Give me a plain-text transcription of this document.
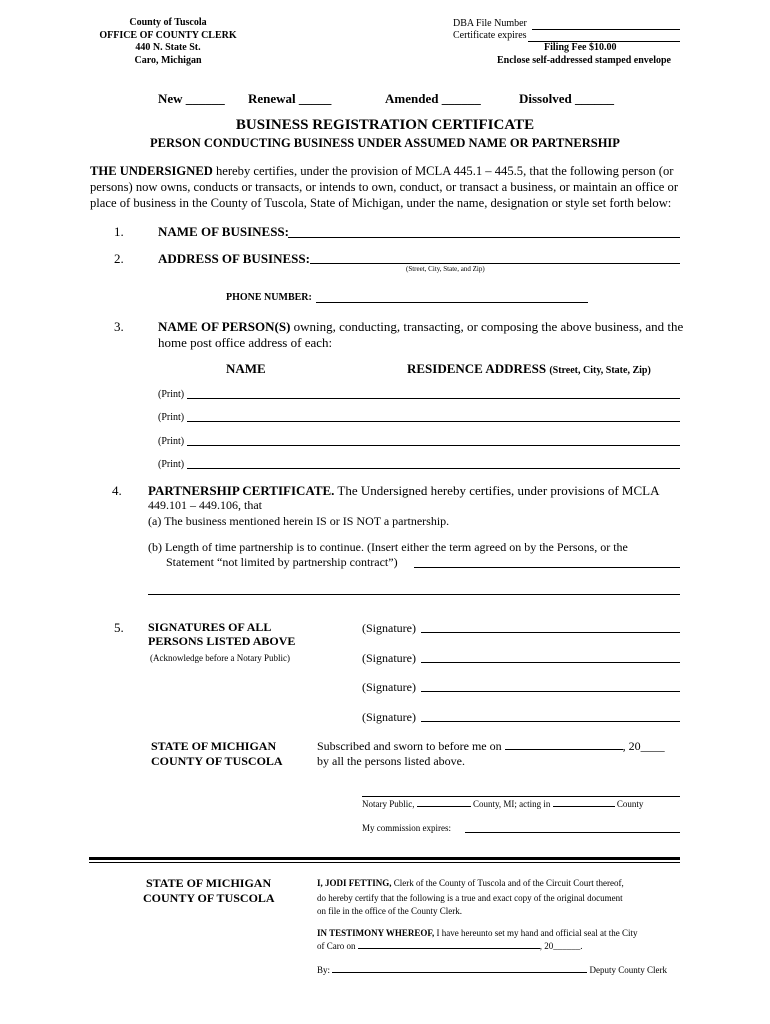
County of Tuscola
OFFICE OF COUNTY CLERK
440 N. State St.
Caro, Michigan
DBA File Number
Certificate expires
Filing Fee $10.00
Enclose self-addressed stamped envelope
New ______ Renewal _____	Amended ______	Dissolved ______
BUSINESS REGISTRATION CERTIFICATE
PERSON CONDUCTING BUSINESS UNDER ASSUMED NAME OR PARTNERSHIP
THE UNDERSIGNED hereby certifies, under the provision of MCLA 445.1 – 445.5, that the following person (or persons) now owns, conducts or transacts, or intends to own, conduct, or transact a business, or maintain an office or place of business in the County of Tuscola, State of Michigan, under the name, designation or style set forth below:
1.	NAME OF BUSINESS:
2.	ADDRESS OF BUSINESS:
(Street, City, State, and Zip)
PHONE NUMBER:
3.	NAME OF PERSON(S) owning, conducting, transacting, or composing the above business, and the
home post office address of each:
NAME	RESIDENCE ADDRESS (Street, City, State, Zip)
(Print)
(Print)
(Print)
(Print)
4. PARTNERSHIP CERTIFICATE. The Undersigned hereby certifies, under provisions of MCLA
449.101 – 449.106, that
(a) The business mentioned herein IS or IS NOT a partnership.
(b) Length of time partnership is to continue. (Insert either the term agreed on by the Persons, or the
Statement “not limited by partnership contract”)
5. SIGNATURES OF ALL
PERSONS LISTED ABOVE
(Acknowledge before a Notary Public)
(Signature)
(Signature)
(Signature)
(Signature)
STATE OF MICHIGAN
COUNTY OF TUSCOLA
Subscribed and sworn to before me on	, 20____
by all the persons listed above.
Notary Public,	County, MI; acting in	County
My commission expires:
STATE OF MICHIGAN
COUNTY OF TUSCOLA
I, JODI FETTING, Clerk of the County of Tuscola and of the Circuit Court thereof,
do hereby certify that the following is a true and exact copy of the original document
on file in the office of the County Clerk.
IN TESTIMONY WHEREOF, I have hereunto set my hand and official seal at the City
of Caro on	, 20______.
By:	Deputy County Clerk
